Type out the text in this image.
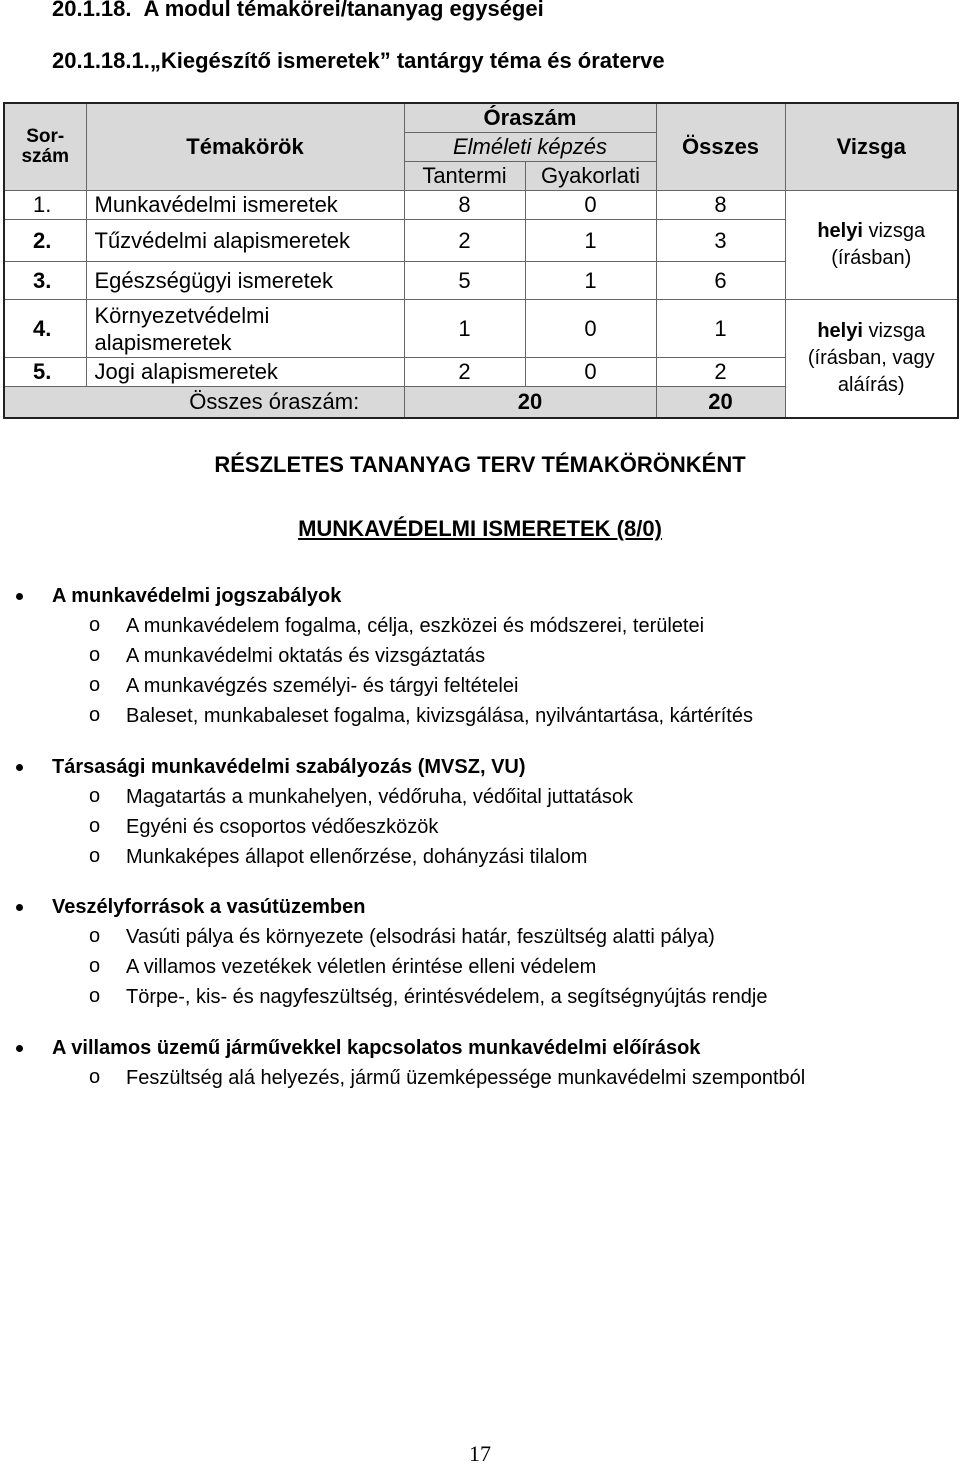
20.1.18. A modul témakörei/tananyag egységei
20.1.18.1.„Kiegészítő ismeretek” tantárgy téma és óraterve
Sor-szám	Témakörök	Óraszám		Összes	Vizsga
		Elméleti képzés			
		Tantermi	Gyakorlati		
1.	Munkavédelmi ismeretek	8	0	8	helyi vizsga (írásban)
2.	Tűzvédelmi alapismeretek	2	1	3	
3.	Egészségügyi ismeretek	5	1	6	
4.	Környezetvédelmi alapismeretek	1	0	1	helyi vizsga (írásban, vagy aláírás)
5.	Jogi alapismeretek	2	0	2	
Összes óraszám:		20		20	
RÉSZLETES TANANYAG TERV TÉMAKÖRÖNKÉNT
MUNKAVÉDELMI ISMERETEK (8/0)
A munkavédelmi jogszabályok
o A munkavédelem fogalma, célja, eszközei és módszerei, területei
o A munkavédelmi oktatás és vizsgáztatás
o A munkavégzés személyi- és tárgyi feltételei
o Baleset, munkabaleset fogalma, kivizsgálása, nyilvántartása, kártérítés
Társasági munkavédelmi szabályozás (MVSZ, VU)
o Magatartás a munkahelyen, védőruha, védőital juttatások
o Egyéni és csoportos védőeszközök
o Munkaképes állapot ellenőrzése, dohányzási tilalom
Veszélyforrások a vasútüzemben
o Vasúti pálya és környezete (elsodrási határ, feszültség alatti pálya)
o A villamos vezetékek véletlen érintése elleni védelem
o Törpe-, kis- és nagyfeszültség, érintésvédelem, a segítségnyújtás rendje
A villamos üzemű járművekkel kapcsolatos munkavédelmi előírások
o Feszültség alá helyezés, jármű üzemképessége munkavédelmi szempontból
17
